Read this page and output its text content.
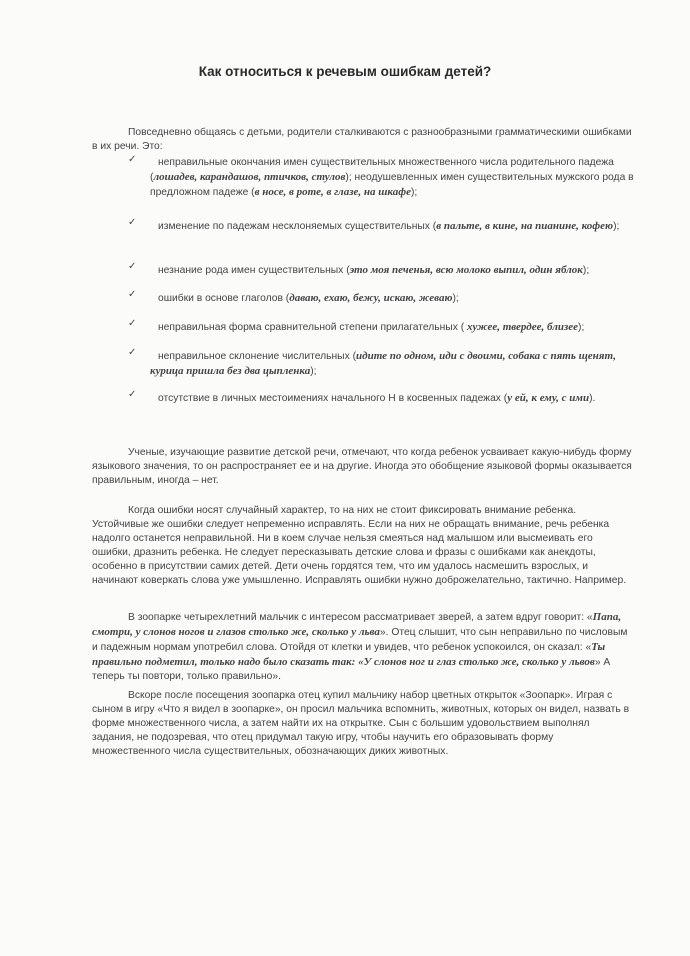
Как относиться к речевым ошибкам детей?
Повседневно общаясь с детьми, родители сталкиваются с разнообразными грамматическими ошибками в их речи. Это:
✓ неправильные окончания имен существительных множественного числа родительного падежа (лошадев, карандашов, птичков, стулов); неодушевленных имен существительных мужского рода в предложном падеже (в носе, в роте, в глазе, на шкафе);
✓ изменение по падежам несклоняемых существительных (в пальте, в кине, на пианине, кофею);
✓ незнание рода имен существительных (это моя печенья, всю молоко выпил, один яблок);
✓ ошибки в основе глаголов (даваю, ехаю, бежу, искаю, жеваю);
✓ неправильная форма сравнительной степени прилагательных ( хужее, твердее, близее);
✓ неправильное склонение числительных (идите по одном, иди с двоими, собака с пять щенят, курица пришла без два цыпленка);
✓ отсутствие в личных местоимениях начального Н в косвенных падежах (у ей, к ему, с ими).
Ученые, изучающие развитие детской речи, отмечают, что когда ребенок усваивает какую-нибудь форму языкового значения, то он распространяет ее и на другие. Иногда это обобщение языковой формы оказывается правильным, иногда – нет.
Когда ошибки носят случайный характер, то на них не стоит фиксировать внимание ребенка. Устойчивые же ошибки следует непременно исправлять. Если на них не обращать внимание, речь ребенка надолго останется неправильной. Ни в коем случае нельзя смеяться над малышом или высмеивать его ошибки, дразнить ребенка. Не следует пересказывать детские слова и фразы с ошибками как анекдоты, особенно в присутствии самих детей. Дети очень гордятся тем, что им удалось насмешить взрослых, и начинают коверкать слова уже умышленно. Исправлять ошибки нужно доброжелательно, тактично. Например.
В зоопарке четырехлетний мальчик с интересом рассматривает зверей, а затем вдруг говорит: «Папа, смотри, у слонов ногов и глазов столько же, сколько у льва». Отец слышит, что сын неправильно по числовым и падежным нормам употребил слова. Отойдя от клетки и увидев, что ребенок успокоился, он сказал: «Ты правильно подметил, только надо было сказать так: «У слонов ног и глаз столько же, сколько у львов» А теперь ты повтори, только правильно».
Вскоре после посещения зоопарка отец купил мальчику набор цветных открыток «Зоопарк». Играя с сыном в игру «Что я видел в зоопарке», он просил мальчика вспомнить, животных, которых он видел, назвать в форме множественного числа, а затем найти их на открытке. Сын с большим удовольствием выполнял задания, не подозревая, что отец придумал такую игру, чтобы научить его образовывать форму множественного числа существительных, обозначающих диких животных.
